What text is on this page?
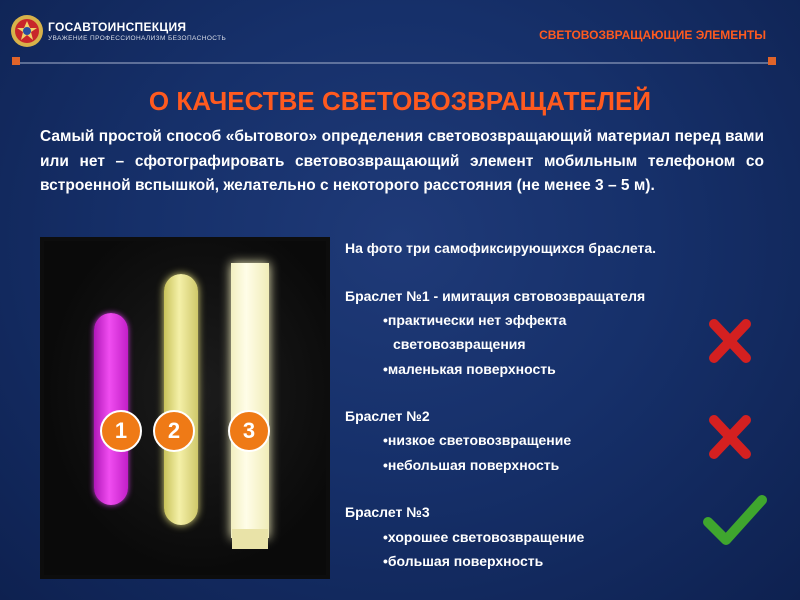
ГОСАВТОИНСПЕКЦИЯ
УВАЖЕНИЕ ПРОФЕССИОНАЛИЗМ БЕЗОПАСНОСТЬ	СВЕТОВОЗВРАЩАЮЩИЕ ЭЛЕМЕНТЫ
О КАЧЕСТВЕ СВЕТОВОЗВРАЩАТЕЛЕЙ
Самый простой способ «бытового» определения световозвращающий материал перед вами или нет – сфотографировать световозвращающий элемент мобильным телефоном со встроенной вспышкой, желательно с некоторого расстояния (не менее 3 – 5 м).
1	2	3
На фото три самофиксирующихся браслета.
Браслет №1 - имитация свтовозвращателя
•практически нет эффекта
световозвращения
•маленькая поверхность
Браслет №2
•низкое световозвращение
•небольшая поверхность
Браслет №3
•хорошее световозвращение
•большая поверхность
